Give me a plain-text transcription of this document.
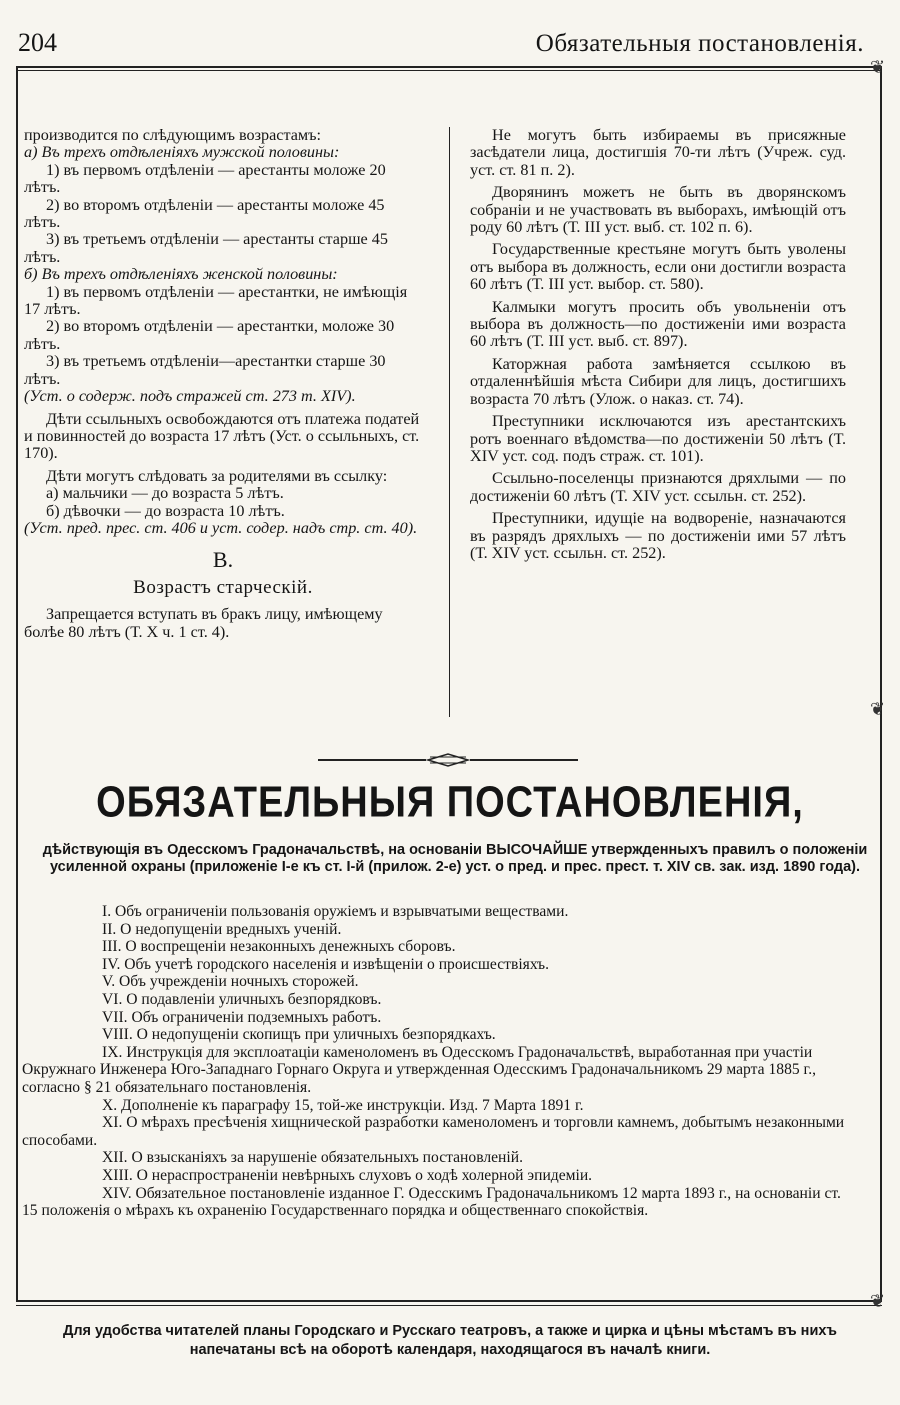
204	Обязательныя постановленія.
❦
❦
❦

производится по слѣдующимъ возрастамъ:

а) Въ трехъ отдѣленіяхъ мужской половины:

1) въ первомъ отдѣленіи — арестанты моложе 20 лѣтъ.

2) во второмъ отдѣленіи — арестанты моложе 45 лѣтъ.

3) въ третьемъ отдѣленіи — арестанты старше 45 лѣтъ.

б) Въ трехъ отдѣленіяхъ женской половины:

1) въ первомъ отдѣленіи — арестантки, не имѣющія 17 лѣтъ.

2) во второмъ отдѣленіи — арестантки, моложе 30 лѣтъ.

3) въ третьемъ отдѣленіи—арестантки старше 30 лѣтъ.

(Уст. о содерж. подъ стражей ст. 273 т. XIV).

Дѣти ссыльныхъ освобождаются отъ платежа податей и повинностей до возраста 17 лѣтъ (Уст. о ссыльныхъ, ст. 170).

Дѣти могутъ слѣдовать за родителями въ ссылку:

а) мальчики — до возраста 5 лѣтъ.

б) дѣвочки — до возраста 10 лѣтъ.

(Уст. пред. прес. ст. 406 и уст. содер. надъ стр. ст. 40).

В.

Возрастъ старческій.

Запрещается вступать въ бракъ лицу, имѣющему болѣе 80 лѣтъ (Т. X ч. 1 ст. 4).

Не могутъ быть избираемы въ присяжные засѣдатели лица, достигшія 70-ти лѣтъ (Учреж. суд. уст. ст. 81 п. 2).

Дворянинъ можетъ не быть въ дворянскомъ собраніи и не участвовать въ выборахъ, имѣющій отъ роду 60 лѣтъ (Т. III уст. выб. ст. 102 п. 6).

Государственные крестьяне могутъ быть уволены отъ выбора въ должность, если они достигли возраста 60 лѣтъ (Т. III уст. выбор. ст. 580).

Калмыки могутъ просить объ увольненіи отъ выбора въ должность—по достиженіи ими возраста 60 лѣтъ (Т. III уст. выб. ст. 897).

Каторжная работа замѣняется ссылкою въ отдаленнѣйшія мѣста Сибири для лицъ, достигшихъ возраста 70 лѣтъ (Улож. о наказ. ст. 74).

Преступники исключаются изъ арестантскихъ ротъ военнаго вѣдомства—по достиженіи 50 лѣтъ (Т. XIV уст. сод. подъ страж. ст. 101).

Ссыльно-поселенцы признаются дряхлыми — по достиженіи 60 лѣтъ (Т. XIV уст. ссыльн. ст. 252).

Преступники, идущіе на водвореніе, назначаются въ разрядъ дряхлыхъ — по достиженіи ими 57 лѣтъ (Т. XIV уст. ссыльн. ст. 252).

ОБЯЗАТЕЛЬНЫЯ ПОСТАНОВЛЕНІЯ,
дѣйствующія въ Одесскомъ Градоначальствѣ, на основаніи ВЫСОЧАЙШЕ утвержденныхъ правилъ о положеніи усиленной охраны (приложеніе I-е къ ст. I-й (прилож. 2-е) уст. о пред. и прес. прест. т. XIV св. зак. изд. 1890 года).

I. Объ ограниченіи пользованія оружіемъ и взрывчатыми веществами.

II. О недопущеніи вредныхъ ученій.

III. О воспрещеніи незаконныхъ денежныхъ сборовъ.

IV. Объ учетѣ городского населенія и извѣщеніи о происшествіяхъ.

V. Объ учрежденіи ночныхъ сторожей.

VI. О подавленіи уличныхъ безпорядковъ.

VII. Объ ограниченіи подземныхъ работъ.

VIII. О недопущеніи скопищъ при уличныхъ безпорядкахъ.

IX. Инструкція для эксплоатаціи каменоломенъ въ Одесскомъ Градоначальствѣ, выработанная при участіи Окружнаго Инженера Юго-Западнаго Горнаго Округа и утвержденная Одесскимъ Градоначальникомъ 29 марта 1885 г., согласно § 21 обязательнаго постановленія.

X. Дополненіе къ параграфу 15, той-же инструкціи. Изд. 7 Марта 1891 г.

XI. О мѣрахъ пресѣченія хищнической разработки каменоломенъ и торговли камнемъ, добытымъ незаконными способами.

XII. О взысканіяхъ за нарушеніе обязательныхъ постановленій.

XIII. О нераспространеніи невѣрныхъ слуховъ о ходѣ холерной эпидеміи.

XIV. Обязательное постановленіе изданное Г. Одесскимъ Градоначальникомъ 12 марта 1893 г., на основаніи ст. 15 положенія о мѣрахъ къ охраненію Государственнаго порядка и общественнаго спокойствія.

Для удобства читателей планы Городскаго и Русскаго театровъ, а также и цирка и цѣны мѣстамъ въ нихъ напечатаны всѣ на оборотѣ календаря, находящагося въ началѣ книги.
